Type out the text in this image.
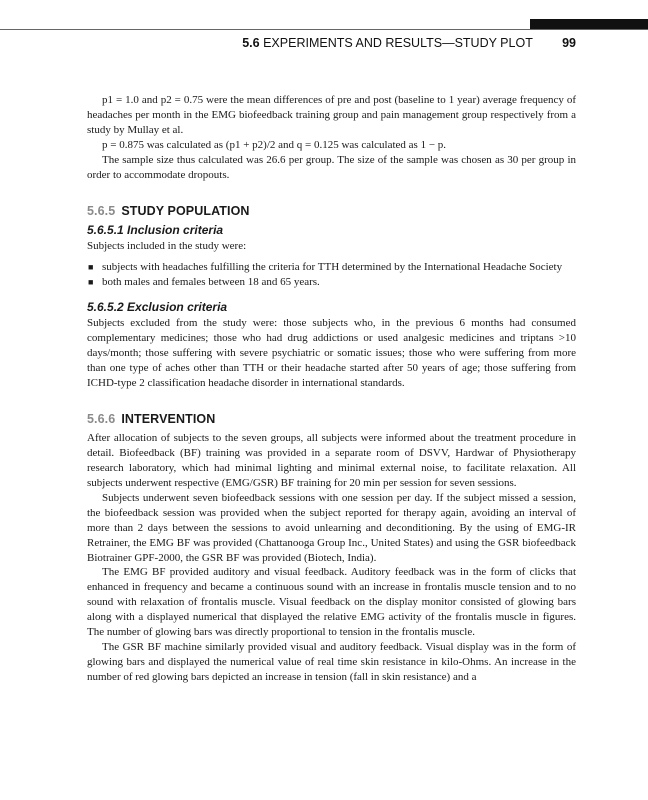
5.6 EXPERIMENTS AND RESULTS—STUDY PLOT 99

p1 = 1.0 and p2 = 0.75 were the mean differences of pre and post (baseline to 1 year) average frequency of headaches per month in the EMG biofeedback training group and pain management group respectively from a study by Mullay et al.

p = 0.875 was calculated as (p1 + p2)/2 and q = 0.125 was calculated as 1 − p.

The sample size thus calculated was 26.6 per group. The size of the sample was chosen as 30 per group in order to accommodate dropouts.

5.6.5 STUDY POPULATION
5.6.5.1 Inclusion criteria

Subjects included in the study were:

■ subjects with headaches fulfilling the criteria for TTH determined by the International Headache Society
■ both males and females between 18 and 65 years.
5.6.5.2 Exclusion criteria

Subjects excluded from the study were: those subjects who, in the previous 6 months had consumed complementary medicines; those who had drug addictions or used analgesic medicines and triptans >10 days/month; those suffering with severe psychiatric or somatic issues; those who were suffering from more than one type of aches other than TTH or their headache started after 50 years of age; those suffering from ICHD-type 2 classification headache disorder in international standards.

5.6.6 INTERVENTION

After allocation of subjects to the seven groups, all subjects were informed about the treatment procedure in detail. Biofeedback (BF) training was provided in a separate room of DSVV, Hardwar of Physiotherapy research laboratory, which had minimal lighting and minimal external noise, to facilitate relaxation. All subjects underwent respective (EMG/GSR) BF training for 20 min per session for seven sessions.

Subjects underwent seven biofeedback sessions with one session per day. If the subject missed a session, the biofeedback session was provided when the subject reported for therapy again, avoiding an interval of more than 2 days between the sessions to avoid unlearning and deconditioning. By the using of EMG-IR Retrainer, the EMG BF was provided (Chattanooga Group Inc., United States) and using the GSR biofeedback Biotrainer GPF-2000, the GSR BF was provided (Biotech, India).

The EMG BF provided auditory and visual feedback. Auditory feedback was in the form of clicks that enhanced in frequency and became a continuous sound with an increase in frontalis muscle tension and to no sound with relaxation of frontalis muscle. Visual feedback on the display monitor consisted of glowing bars along with a displayed numerical that displayed the relative EMG activity of the frontalis muscle in figures. The number of glowing bars was directly proportional to tension in the frontalis muscle.

The GSR BF machine similarly provided visual and auditory feedback. Visual display was in the form of glowing bars and displayed the numerical value of real time skin resistance in kilo-Ohms. An increase in the number of red glowing bars depicted an increase in tension (fall in skin resistance) and a
